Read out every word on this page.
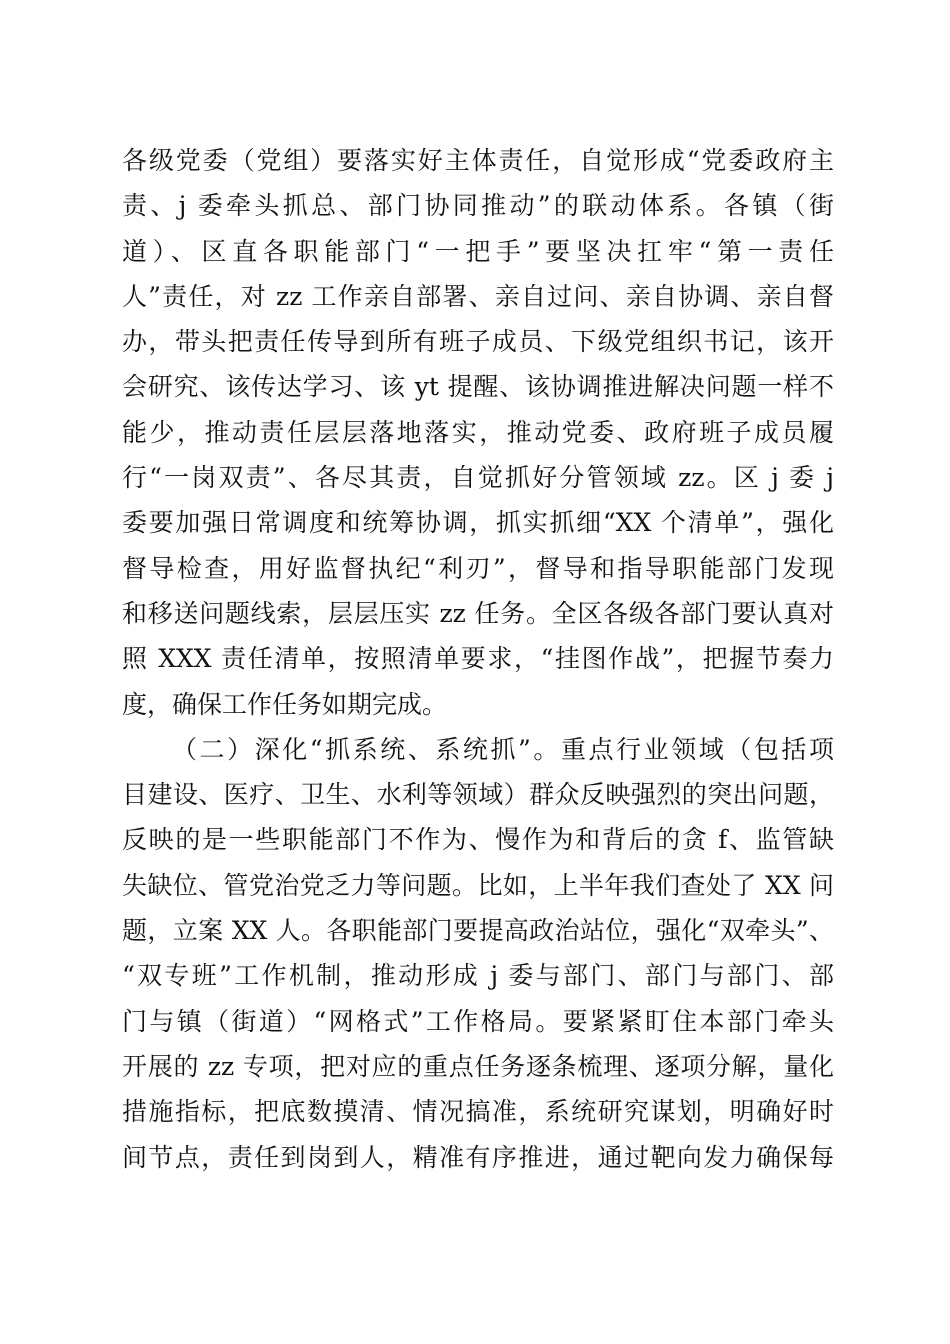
各级党委（党组）要落实好主体责任，自觉形成“党委政府主
责、j 委牵头抓总、部门协同推动”的联动体系。各镇（街
道）、区直各职能部门“一把手”要坚决扛牢“第一责任
人”责任，对 zz 工作亲自部署、亲自过问、亲自协调、亲自督
办，带头把责任传导到所有班子成员、下级党组织书记，该开
会研究、该传达学习、该 yt 提醒、该协调推进解决问题一样不
能少，推动责任层层落地落实，推动党委、政府班子成员履
行“一岗双责”、各尽其责，自觉抓好分管领域 zz。区 j 委 j
委要加强日常调度和统筹协调，抓实抓细“XX 个清单”，强化
督导检查，用好监督执纪“利刃”，督导和指导职能部门发现
和移送问题线索，层层压实 zz 任务。全区各级各部门要认真对
照 XXX 责任清单，按照清单要求，“挂图作战”，把握节奏力
度，确保工作任务如期完成。
（二）深化“抓系统、系统抓”。重点行业领域（包括项
目建设、医疗、卫生、水利等领域）群众反映强烈的突出问题，
反映的是一些职能部门不作为、慢作为和背后的贪 f、监管缺
失缺位、管党治党乏力等问题。比如，上半年我们查处了 XX 问
题，立案 XX 人。各职能部门要提高政治站位，强化“双牵头”、
“双专班”工作机制，推动形成 j 委与部门、部门与部门、部
门与镇（街道）“网格式”工作格局。要紧紧盯住本部门牵头
开展的 zz 专项，把对应的重点任务逐条梳理、逐项分解，量化
措施指标，把底数摸清、情况搞准，系统研究谋划，明确好时
间节点，责任到岗到人，精准有序推进，通过靶向发力确保每
